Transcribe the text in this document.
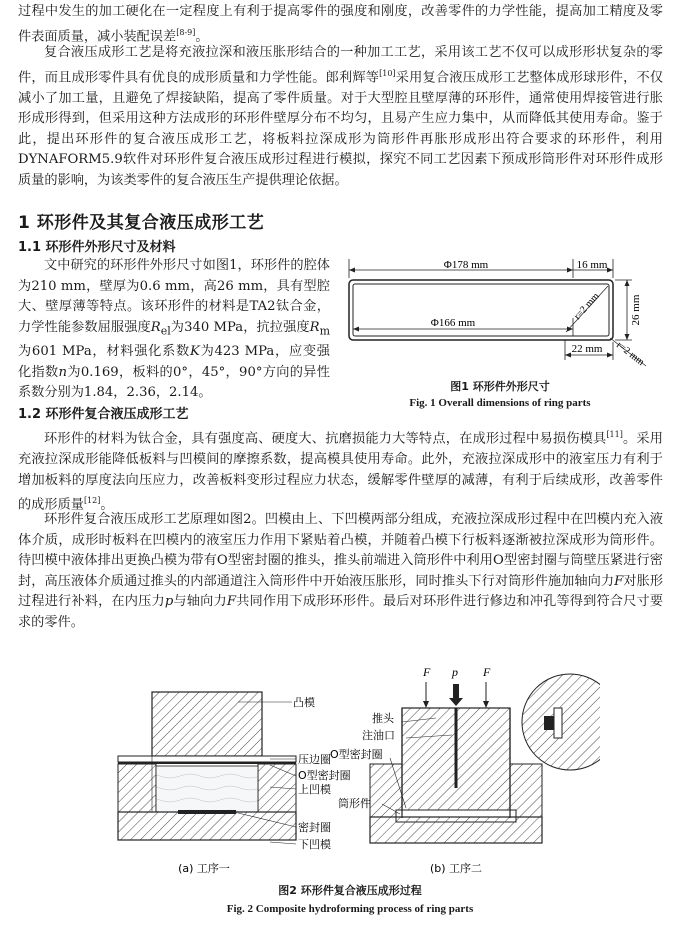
过程中发生的加工硬化在一定程度上有利于提高零件的强度和刚度，改善零件的力学性能，提高加工精度及零件表面质量，减小装配误差[8-9]。

复合液压成形工艺是将充液拉深和液压胀形结合的一种加工工艺，采用该工艺不仅可以成形形状复杂的零件，而且成形零件具有优良的成形质量和力学性能。郎利辉等[10]采用复合液压成形工艺整体成形球形件，不仅减小了加工量，且避免了焊接缺陷，提高了零件质量。对于大型腔且壁厚薄的环形件，通常使用焊接管进行胀形成形得到，但采用这种方法成形的环形件壁厚分布不均匀，且易产生应力集中，从而降低其使用寿命。鉴于此，提出环形件的复合液压成形工艺，将板料拉深成形为筒形件再胀形成形出符合要求的环形件，利用DYNAFORM5.9软件对环形件复合液压成形过程进行模拟，探究不同工艺因素下预成形筒形件对环形件成形质量的影响，为该类零件的复合液压生产提供理论依据。

1 环形件及其复合液压成形工艺
1.1 环形件外形尺寸及材料

文中研究的环形件外形尺寸如图1，环形件的腔体为210 mm，壁厚为0.6 mm，高26 mm，具有型腔大、壁厚薄等特点。该环形件的材料是TA2钛合金，力学性能参数屈服强度$R_{el}$为340 MPa，抗拉强度$R_m$为601 MPa，材料强化系数K为423 MPa，应变强化指数n为0.169，板料的0°，45°，90°方向的异性系数分别为1.84，2.36，2.14。

Φ178 mm	16 mm
Φ166 mm	26 mm
22 mm
r=2 mm
r=2 mm
图1 环形件外形尺寸
Fig. 1 Overall dimensions of ring parts
1.2 环形件复合液压成形工艺

环形件的材料为钛合金，具有强度高、硬度大、抗磨损能力大等特点，在成形过程中易损伤模具[11]。采用充液拉深成形能降低板料与凹模间的摩擦系数，提高模具使用寿命。此外，充液拉深成形中的液室压力有利于增加板料的厚度法向压应力，改善板料变形过程应力状态，缓解零件壁厚的减薄，有利于后续成形，改善零件的成形质量[12]。

环形件复合液压成形工艺原理如图2。凹模由上、下凹模两部分组成，充液拉深成形过程中在凹模内充入液体介质，成形时板料在凹模内的液室压力作用下紧贴着凸模，并随着凸模下行板料逐渐被拉深成形为筒形件。待凹模中液体排出更换凸模为带有O型密封圈的推头，推头前端进入筒形件中利用O型密封圈与筒壁压紧进行密封，高压液体介质通过推头的内部通道注入筒形件中开始液压胀形，同时推头下行对筒形件施加轴向力F对胀形过程进行补料，在内压力p与轴向力F共同作用下成形环形件。最后对环形件进行修边和冲孔等得到符合尺寸要求的零件。

凸模
压边圈
O型密封圈
上凹模
密封圈
下凹模
F p F
推头
注油口
O型密封圈
筒形件
(a) 工序一	(b) 工序二
图2 环形件复合液压成形过程
Fig. 2 Composite hydroforming process of ring parts
